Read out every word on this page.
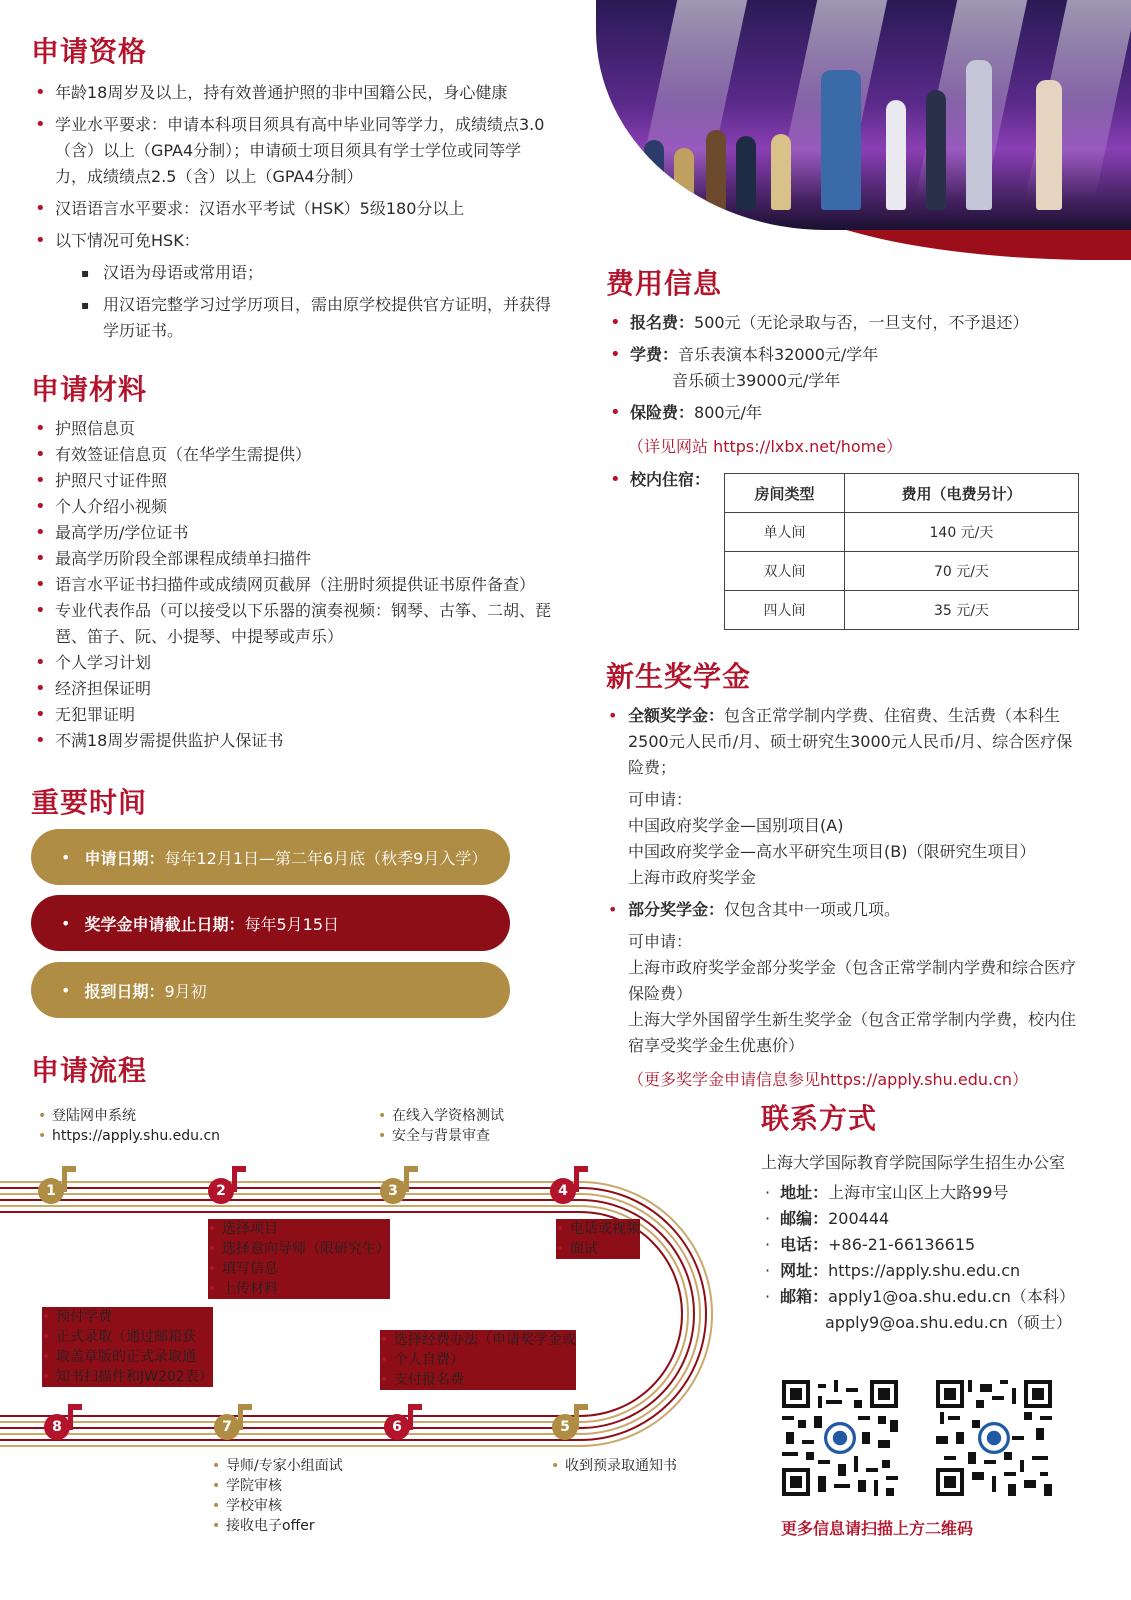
申请资格
• 年龄18周岁及以上，持有效普通护照的非中国籍公民，身心健康
• 学业水平要求：申请本科项目须具有高中毕业同等学力，成绩绩点3.0（含）以上（GPA4分制）；申请硕士项目须具有学士学位或同等学力，成绩绩点2.5（含）以上（GPA4分制）
• 汉语语言水平要求：汉语水平考试（HSK）5级180分以上
• 以下情况可免HSK：
▪ 汉语为母语或常用语；
▪ 用汉语完整学习过学历项目，需由原学校提供官方证明，并获得学历证书。
申请材料
• 护照信息页
• 有效签证信息页（在华学生需提供）
• 护照尺寸证件照
• 个人介绍小视频
• 最高学历/学位证书
• 最高学历阶段全部课程成绩单扫描件
• 语言水平证书扫描件或成绩网页截屏（注册时须提供证书原件备查）
• 专业代表作品（可以接受以下乐器的演奏视频：钢琴、古筝、二胡、琵琶、笛子、阮、小提琴、中提琴或声乐）
• 个人学习计划
• 经济担保证明
• 无犯罪证明
• 不满18周岁需提供监护人保证书
重要时间
• 申请日期： 每年12月1日—第二年6月底（秋季9月入学）
• 奖学金申请截止日期： 每年5月15日
• 报到日期： 9月初
费用信息
• 报名费：500元（无论录取与否，一旦支付，不予退还）
• 学费：音乐表演本科32000元/学年
音乐硕士39000元/学年
• 保险费：800元/年
（详见网站 https://lxbx.net/home）
• 校内住宿：
房间类型	费用（电费另计）
单人间	140 元/天
双人间	70 元/天
四人间	35 元/天
新生奖学金
• 全额奖学金：包含正常学制内学费、住宿费、生活费（本科生2500元人民币/月、硕士研究生3000元人民币/月、综合医疗保险费；
可申请：
中国政府奖学金—国别项目(A)
中国政府奖学金—高水平研究生项目(B)（限研究生项目）
上海市政府奖学金
• 部分奖学金：仅包含其中一项或几项。
可申请：
上海市政府奖学金部分奖学金（包含正常学制内学费和综合医疗保险费）
上海大学外国留学生新生奖学金（包含正常学制内学费，校内住宿享受奖学金生优惠价）
（更多奖学金申请信息参见https://apply.shu.edu.cn）
申请流程
1	2	3	4
5
6
7
8
• 登陆网申系统
• https://apply.shu.edu.cn
• 在线入学资格测试
• 安全与背景审查
• 选择项目
• 选择意向导师（限研究生）
• 填写信息
• 上传材料
• 电话或视频
• 面试
• 预付学费
• 正式录取（通过邮箱获
• 取盖章版的正式录取通
• 知书扫描件和JW202表）
• 选择经费办法（申请奖学金或
• 个人自费）
• 支付报名费
• 导师/专家小组面试
• 学院审核
• 学校审核
• 接收电子offer
• 收到预录取通知书
联系方式
上海大学国际教育学院国际学生招生办公室
· 地址：上海市宝山区上大路99号
· 邮编：200444
· 电话：+86-21-66136615
· 网址：https://apply.shu.edu.cn
· 邮箱：apply1@oa.shu.edu.cn（本科）
apply9@oa.shu.edu.cn（硕士）
更多信息请扫描上方二维码
